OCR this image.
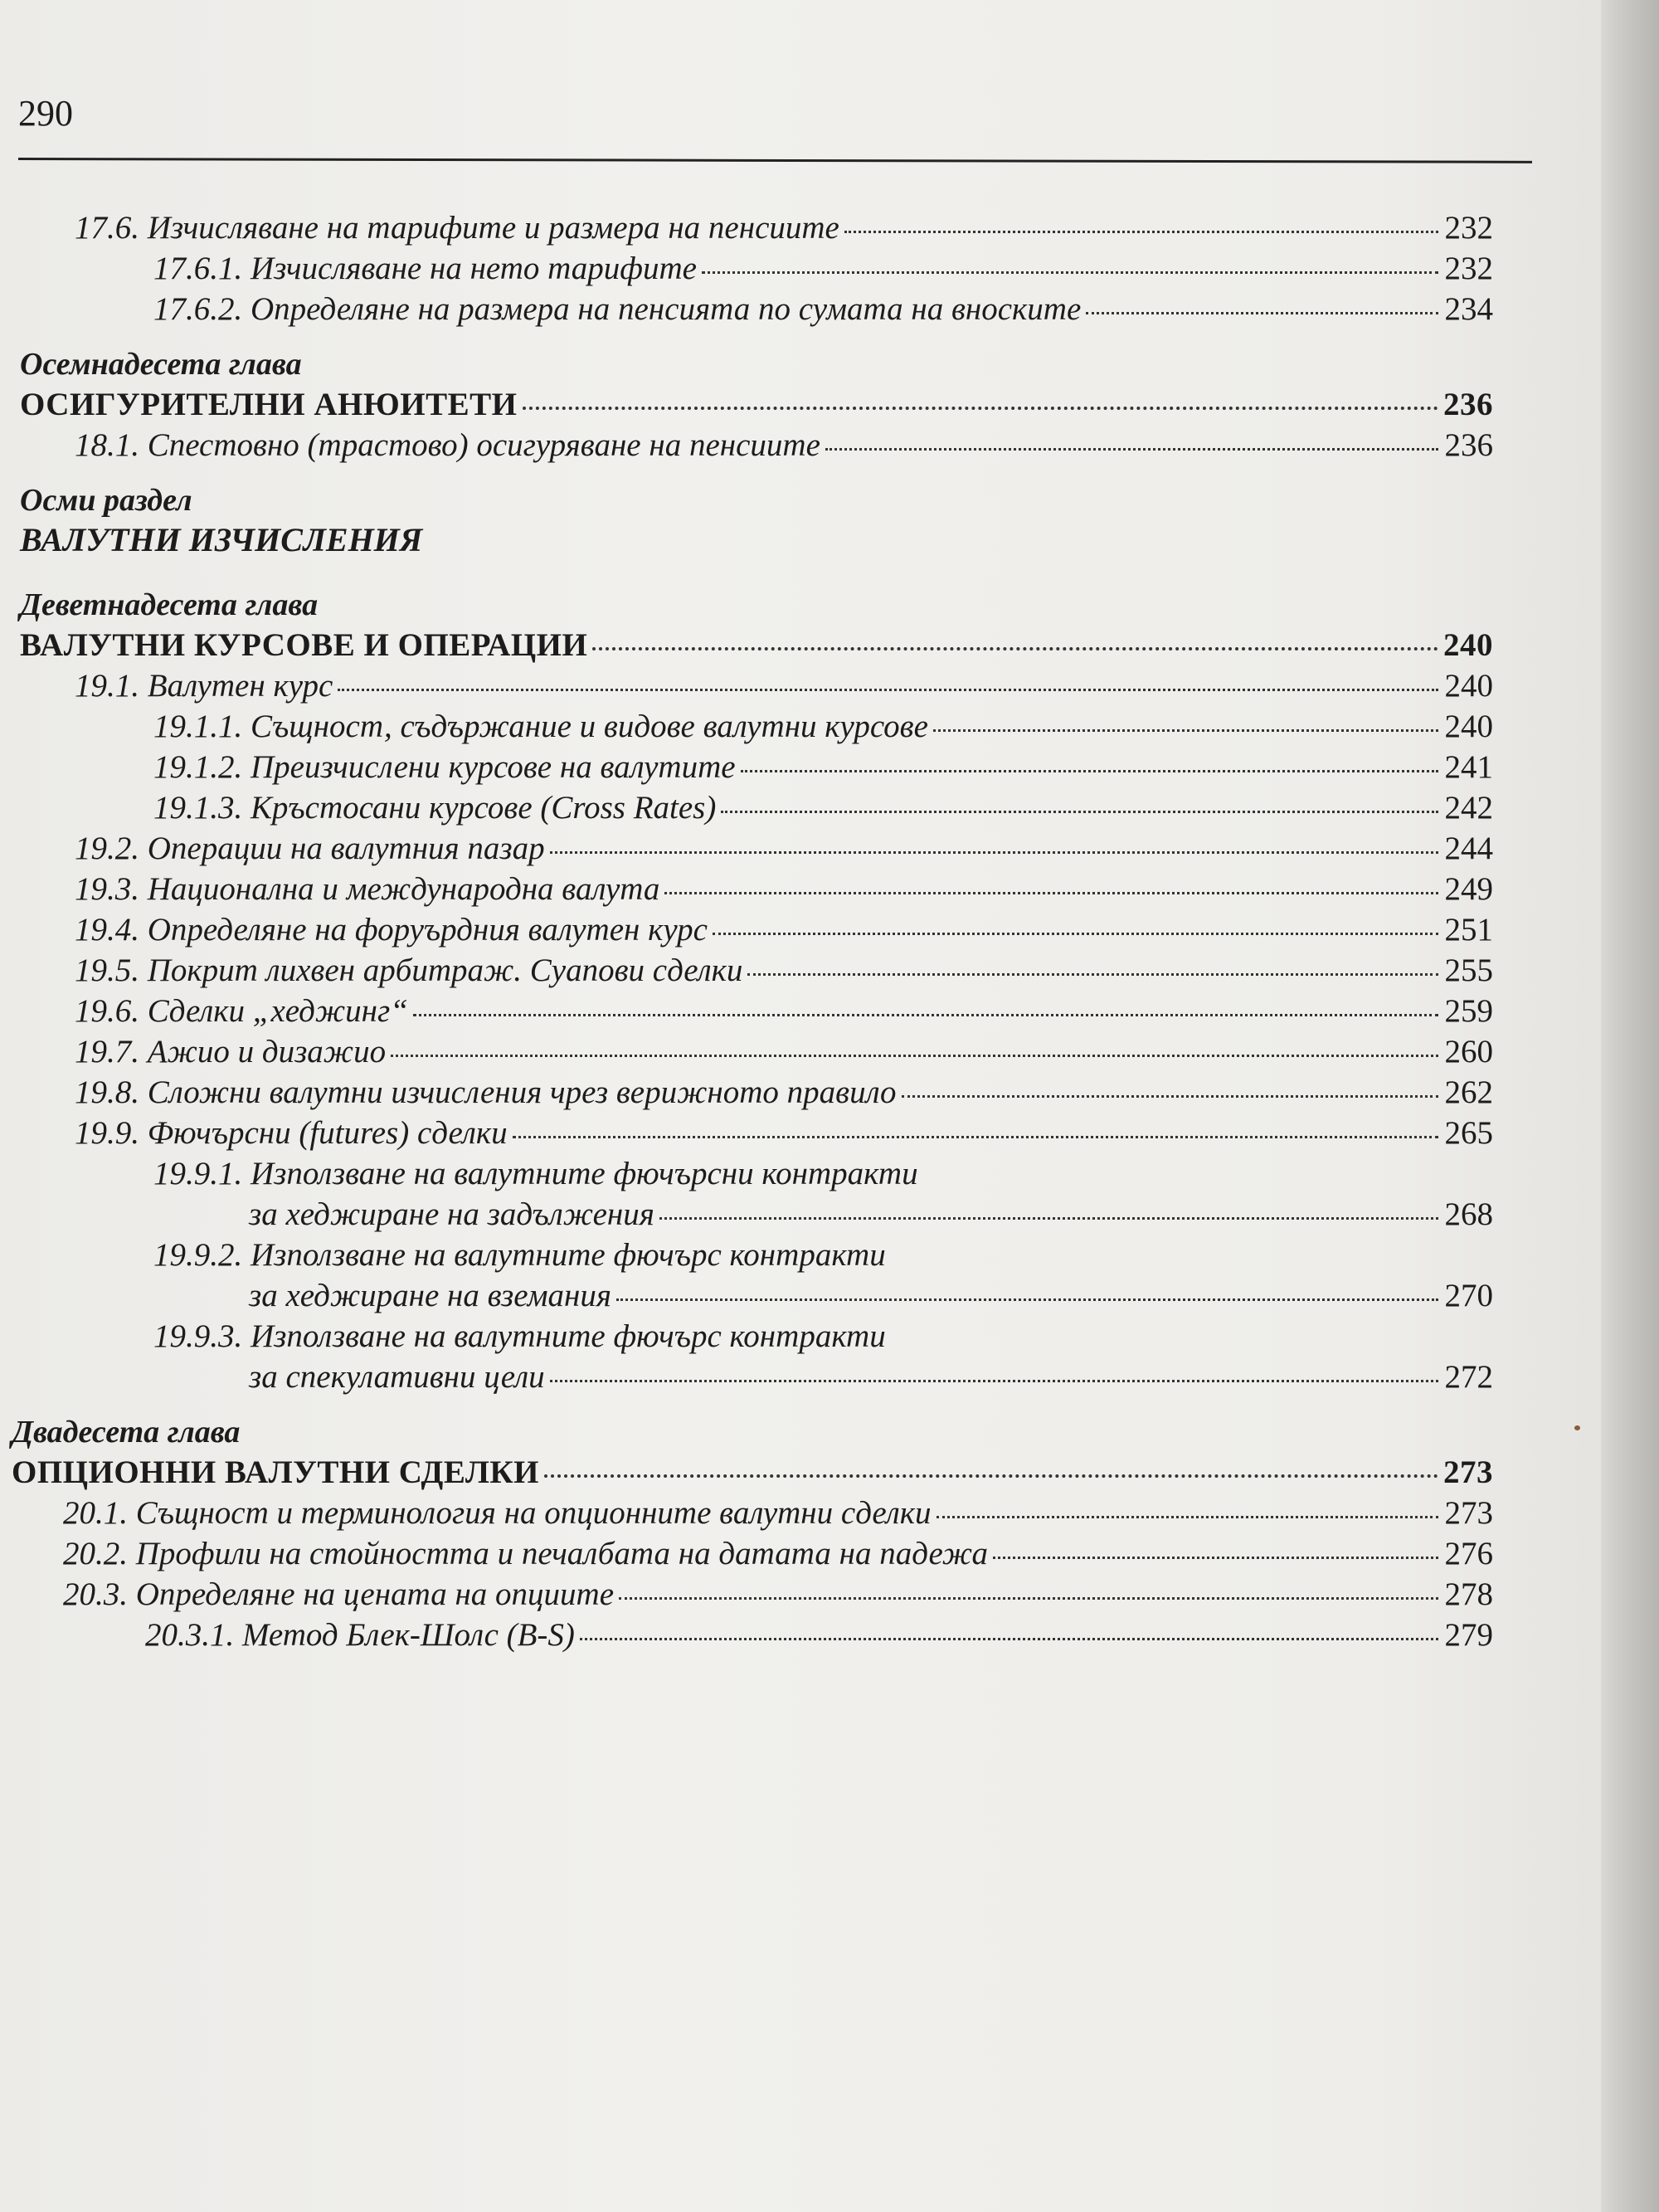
290
17.6. Изчисляване на тарифите и размера на пенсиите	232
17.6.1. Изчисляване на нето тарифите	232
17.6.2. Определяне на размера на пенсията по сумата на вноските	234
Осемнадесета глава
ОСИГУРИТЕЛНИ АНЮИТЕТИ	236
18.1. Спестовно (трастово) осигуряване на пенсиите	236
Осми раздел
ВАЛУТНИ ИЗЧИСЛЕНИЯ
Деветнадесета глава
ВАЛУТНИ КУРСОВЕ И ОПЕРАЦИИ	240
19.1. Валутен курс	240
19.1.1. Същност, съдържание и видове валутни курсове	240
19.1.2. Преизчислени курсове на валутите	241
19.1.3. Кръстосани курсове (Cross Rates)	242
19.2. Операции на валутния пазар	244
19.3. Национална и международна валута	249
19.4. Определяне на форуърдния валутен курс	251
19.5. Покрит лихвен арбитраж. Суапови сделки	255
19.6. Сделки „хеджинг“	259
19.7. Ажио и дизажио	260
19.8. Сложни валутни изчисления чрез верижното правило	262
19.9. Фючърсни (futures) сделки	265
19.9.1. Използване на валутните фючърсни контракти
за хеджиране на задължения	268
19.9.2. Използване на валутните фючърс контракти
за хеджиране на вземания	270
19.9.3. Използване на валутните фючърс контракти
за спекулативни цели	272
Двадесета глава
ОПЦИОННИ ВАЛУТНИ СДЕЛКИ	273
20.1. Същност и терминология на опционните валутни сделки	273
20.2. Профили на стойността и печалбата на датата на падежа	276
20.3. Определяне на цената на опциите	278
20.3.1. Метод Блек-Шолс (B-S)	279
